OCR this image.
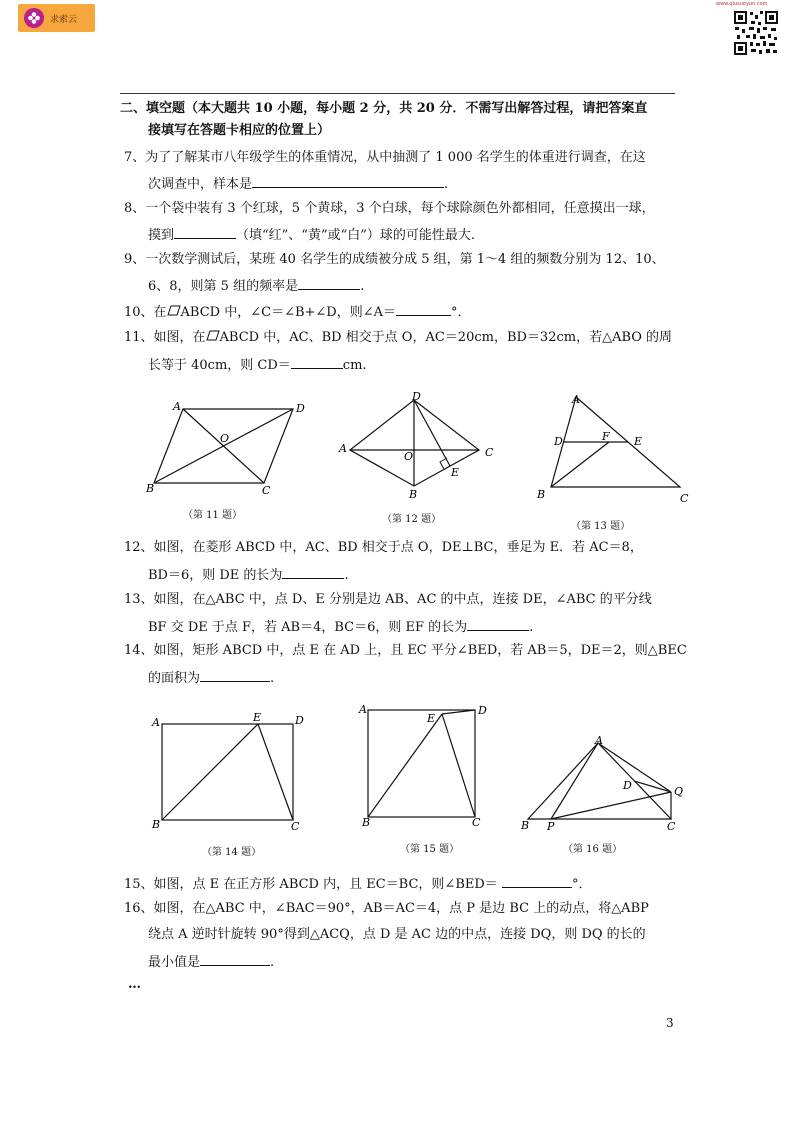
求索云
www.qiusuoyun.com
二、填空题（本大题共 10 小题，每小题 2 分，共 20 分．不需写出解答过程，请把答案直
接填写在答题卡相应的位置上）
7、为了了解某市八年级学生的体重情况，从中抽测了 1 000 名学生的体重进行调查，在这
次调查中，样本是	.
8、一个袋中装有 3 个红球，5 个黄球，3 个白球，每个球除颜色外都相同，任意摸出一球，
摸到	（填“红”、“黄”或“白”）球的可能性最大.
9、一次数学测试后，某班 40 名学生的成绩被分成 5 组，第 1～4 组的频数分别为 12、10、
6、8，则第 5 组的频率是	.
10、在 ABCD 中，∠C＝∠B+∠D，则∠A＝	°．
11、如图，在 ABCD 中，AC、BD 相交于点 O，AC＝20cm，BD＝32cm，若△ABO 的周
长等于 40cm，则 CD＝	cm.
A	D
O
B	C
（第 11 题）
D
A
O	C
E
B
（第 12 题）
A
D	F E
B	C
（第 13 题）
12、如图，在菱形 ABCD 中，AC、BD 相交于点 O，DE⊥BC，垂足为 E．若 AC＝8，
BD＝6，则 DE 的长为	.
13、如图，在△ABC 中，点 D、E 分别是边 AB、AC 的中点，连接 DE，∠ABC 的平分线
BF 交 DE 于点 F，若 AB＝4，BC＝6，则 EF 的长为	.
14、如图，矩形 ABCD 中，点 E 在 AD 上，且 EC 平分∠BED，若 AB＝5，DE＝2，则△BEC
的面积为	.
A	E	D
B	C
（第 14 题）
A
E
D
B	C
（第 15 题）
A
D	Q
B P	C
（第 16 题）
15、如图，点 E 在正方形 ABCD 内，且 EC＝BC，则∠BED＝	°．
16、如图，在△ABC 中，∠BAC＝90°，AB＝AC＝4，点 P 是边 BC 上的动点，将△ABP
绕点 A 逆时针旋转 90°得到△ACQ，点 D 是 AC 边的中点，连接 DQ，则 DQ 的长的
最小值是	.
…
3
